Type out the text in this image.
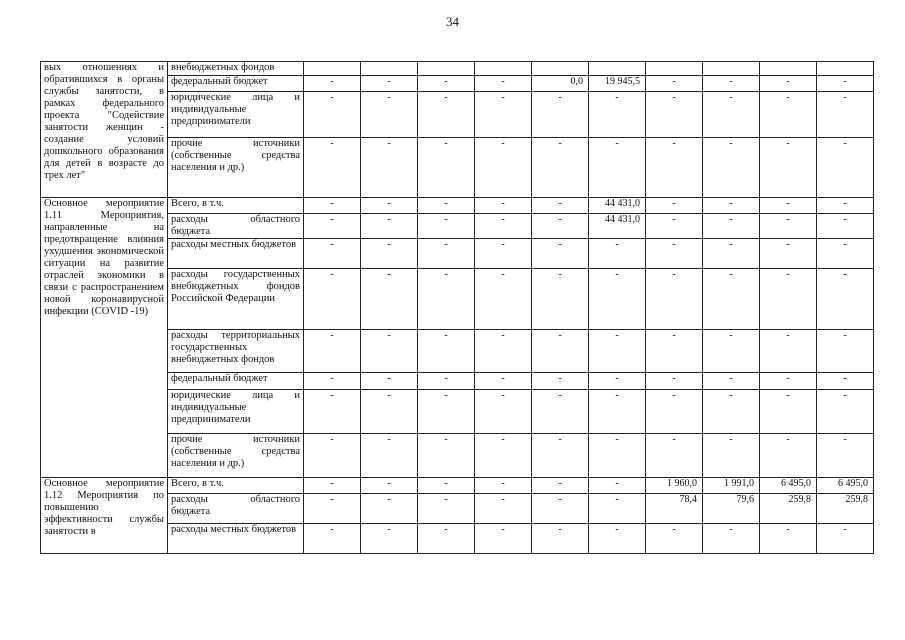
34
вых отношениях и обратившихся в органы службы занятости, в рамках федерального проекта "Содействие занятости женщин - создание условий дошкольного образования для детей в возрасте до трех лет"	внебюджетных фондов										
	федеральный бюджет	-	-	-	-	0,0	19 945,5	-	-	-	-
	юридические лица и индивидуальные предприниматели	-	-	-	-	-	-	-	-	-	-
	прочие источники (собственные средства населения и др.)	-	-	-	-	-	-	-	-	-	-
Основное мероприятие 1.11 Мероприятия, направленные на предотвращение влияния ухудшения экономической ситуации на развитие отраслей экономики в связи с распространением новой коронавирусной инфекции (COVID -19)	Всего, в т.ч.	-	-	-	-	-	44 431,0	-	-	-	-
	расходы областного бюджета	-	-	-	-	-	44 431,0	-	-	-	-
	расходы местных бюджетов	-	-	-	-	-	-	-	-	-	-
	расходы государственных внебюджетных фондов Российской Федерации	-	-	-	-	-	-	-	-	-	-
	расходы территориальных государственных внебюджетных фондов	-	-	-	-	-	-	-	-	-	-
	федеральный бюджет	-	-	-	-	-	-	-	-	-	-
	юридические лица и индивидуальные предприниматели	-	-	-	-	-	-	-	-	-	-
	прочие источники (собственные средства населения и др.)	-	-	-	-	-	-	-	-	-	-
Основное мероприятие 1.12 Мероприятия по повышению эффективности службы занятости в	Всего, в т.ч.	-	-	-	-	-	-	1 960,0	1 991,0	6 495,0	6 495,0
	расходы областного бюджета	-	-	-	-	-	-	78,4	79,6	259,8	259,8
	расходы местных бюджетов	-	-	-	-	-	-	-	-	-	-
